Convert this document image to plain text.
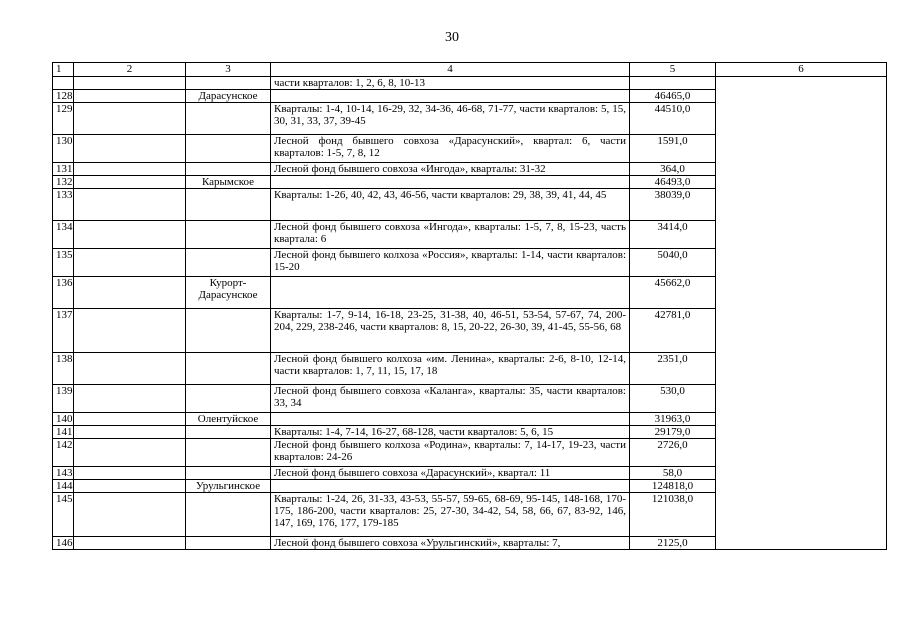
30
1	2	3	4	5	6
			части кварталов: 1, 2, 6, 8, 10-13		
128		Дарасунское		46465,0	
129			Кварталы: 1-4, 10-14, 16-29, 32, 34-36, 46-68, 71-77, части кварталов: 5, 15, 30, 31, 33, 37, 39-45	44510,0	
130			Лесной фонд бывшего совхоза «Дарасунский», квартал: 6, части кварталов: 1-5, 7, 8, 12	1591,0	
131			Лесной фонд бывшего совхоза «Ингода», кварталы: 31-32	364,0	
132		Карымское		46493,0	
133			Кварталы: 1-26, 40, 42, 43, 46-56, части кварталов: 29, 38, 39, 41, 44, 45	38039,0	
134			Лесной фонд бывшего совхоза «Ингода», кварталы: 1-5, 7, 8, 15-23, часть квартала: 6	3414,0	
135			Лесной фонд бывшего колхоза «Россия», кварталы: 1-14, части кварталов: 15-20	5040,0	
136		Курорт-Дарасунское		45662,0	
137			Кварталы: 1-7, 9-14, 16-18, 23-25, 31-38, 40, 46-51, 53-54, 57-67, 74, 200-204, 229, 238-246, части кварталов: 8, 15, 20-22, 26-30, 39, 41-45, 55-56, 68	42781,0	
138			Лесной фонд бывшего колхоза «им. Ленина», кварталы: 2-6, 8-10, 12-14, части кварталов: 1, 7, 11, 15, 17, 18	2351,0	
139			Лесной фонд бывшего совхоза «Каланга», кварталы: 35, части кварталов: 33, 34	530,0	
140		Олентуйское		31963,0	
141			Кварталы: 1-4, 7-14, 16-27, 68-128, части кварталов: 5, 6, 15	29179,0	
142			Лесной фонд бывшего колхоза «Родина», кварталы: 7, 14-17, 19-23, части кварталов: 24-26	2726,0	
143			Лесной фонд бывшего совхоза «Дарасунский», квартал: 11	58,0	
144		Урульгинское		124818,0	
145			Кварталы: 1-24, 26, 31-33, 43-53, 55-57, 59-65, 68-69, 95-145, 148-168, 170-175, 186-200, части кварталов: 25, 27-30, 34-42, 54, 58, 66, 67, 83-92, 146, 147, 169, 176, 177, 179-185	121038,0	
146			Лесной фонд бывшего совхоза «Урульгинский», кварталы: 7,	2125,0	
